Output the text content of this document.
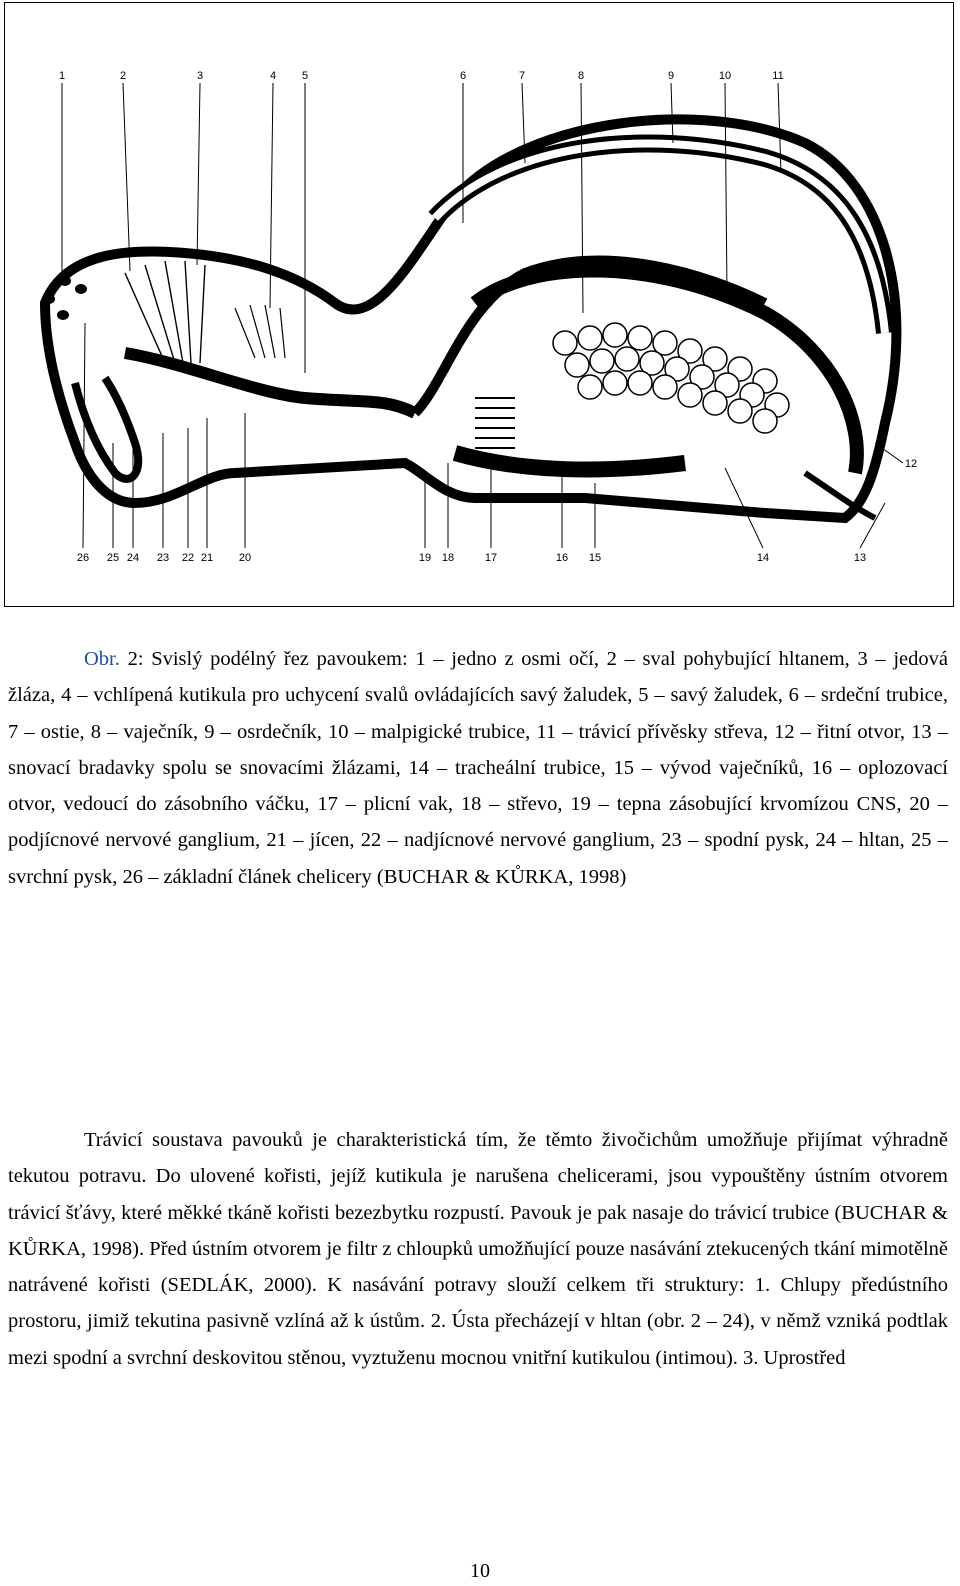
1	2	3	4 5	6	7	8	9	10	11
26 25 24 23 22 21 20	19 18	17	16 15	14	13
12
Obr. 2: Svislý podélný řez pavoukem: 1 – jedno z osmi očí, 2 – sval pohybující hltanem, 3 – jedová žláza, 4 – vchlípená kutikula pro uchycení svalů ovládajících savý žaludek, 5 – savý žaludek, 6 – srdeční trubice, 7 – ostie, 8 – vaječník, 9 – osrdečník, 10 – malpigické trubice, 11 – trávicí přívěsky střeva, 12 – řitní otvor, 13 – snovací bradavky spolu se snovacími žlázami, 14 – tracheální trubice, 15 – vývod vaječníků, 16 – oplozovací otvor, vedoucí do zásobního váčku, 17 – plicní vak, 18 – střevo, 19 – tepna zásobující krvomízou CNS, 20 – podjícnové nervové ganglium, 21 – jícen, 22 – nadjícnové nervové ganglium, 23 – spodní pysk, 24 – hltan, 25 – svrchní pysk, 26 – základní článek chelicery (BUCHAR & KŮRKA, 1998)

Trávicí soustava pavouků je charakteristická tím, že těmto živočichům umožňuje přijímat výhradně tekutou potravu. Do ulovené kořisti, jejíž kutikula je narušena chelicerami, jsou vypouštěny ústním otvorem trávicí šťávy, které měkké tkáně kořisti bezezbytku rozpustí. Pavouk je pak nasaje do trávicí trubice (BUCHAR & KŮRKA, 1998). Před ústním otvorem je filtr z chloupků umožňující pouze nasávání ztekucených tkání mimotělně natrávené kořisti (SEDLÁK, 2000). K nasávání potravy slouží celkem tři struktury: 1. Chlupy předústního prostoru, jimiž tekutina pasivně vzlíná až k ústům. 2. Ústa přecházejí v hltan (obr. 2 – 24), v němž vzniká podtlak mezi spodní a svrchní deskovitou stěnou, vyztuženu mocnou vnitřní kutikulou (intimou). 3. Uprostřed

10
